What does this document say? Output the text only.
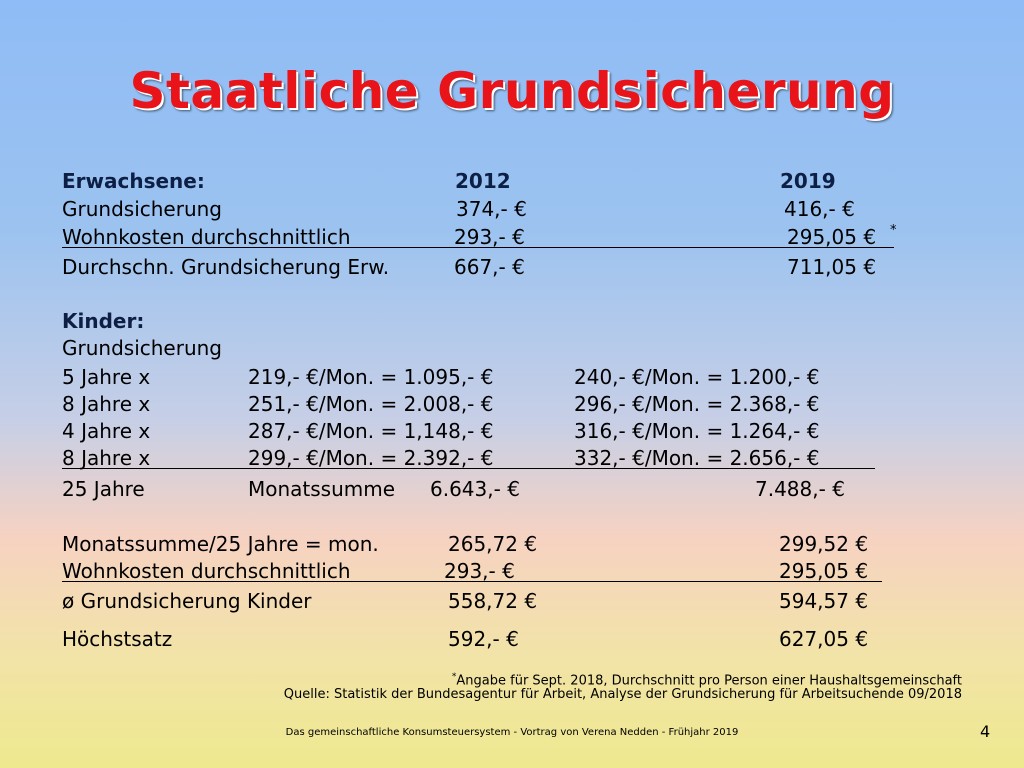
Staatliche Grundsicherung
Erwachsene:	2012	2019
Grundsicherung	374,- €	416,- €
Wohnkosten durchschnittlich	293,- €	295,05 € *
Durchschn. Grundsicherung Erw.	667,- €	711,05 €
Kinder:
Grundsicherung
5 Jahre x	219,- €/Mon. = 1.095,- €	240,- €/Mon. = 1.200,- €
8 Jahre x	251,- €/Mon. = 2.008,- €	296,- €/Mon. = 2.368,- €
4 Jahre x	287,- €/Mon. = 1,148,- €	316,- €/Mon. = 1.264,- €
8 Jahre x	299,- €/Mon. = 2.392,- €	332,- €/Mon. = 2.656,- €
25 Jahre	Monatssumme 6.643,- €	7.488,- €
Monatssumme/25 Jahre = mon.	265,72 €	299,52 €
Wohnkosten durchschnittlich	293,- €	295,05 €
ø Grundsicherung Kinder	558,72 €	594,57 €
Höchstsatz	592,- €	627,05 €
*Angabe für Sept. 2018, Durchschnitt pro Person einer Haushaltsgemeinschaft
Quelle: Statistik der Bundesagentur für Arbeit, Analyse der Grundsicherung für Arbeitsuchende 09/2018
Das gemeinschaftliche Konsumsteuersystem - Vortrag von Verena Nedden - Frühjahr 2019	4
